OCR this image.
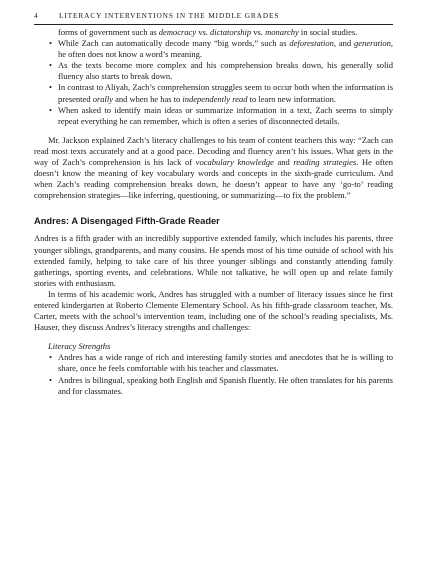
4	LITERACY INTERVENTIONS IN THE MIDDLE GRADES

forms of government such as democracy vs. dictatorship vs. monarchy in social studies.

• While Zach can automatically decode many “big words,” such as deforestation, and generation, he often does not know a word’s meaning.
• As the texts become more complex and his comprehension breaks down, his generally solid fluency also starts to break down.
• In contrast to Aliyah, Zach’s comprehension struggles seem to occur both when the information is presented orally and when he has to independently read to learn new information.
• When asked to identify main ideas or summarize information in a text, Zach seems to simply repeat everything he can remember, which is often a series of disconnected details.

Mr. Jackson explained Zach’s literacy challenges to his team of content teachers this way: “Zach can read most texts accurately and at a good pace. Decoding and fluency aren’t his issues. What gets in the way of Zach’s comprehension is his lack of vocabulary knowledge and reading strategies. He often doesn’t know the meaning of key vocabulary words and concepts in the sixth-grade curriculum. And when Zach’s reading comprehension breaks down, he doesn’t appear to have any ‘go-to’ reading comprehension strategies—like inferring, questioning, or summarizing—to fix the problem.”

Andres: A Disengaged Fifth-Grade Reader

Andres is a fifth grader with an incredibly supportive extended family, which includes his parents, three younger siblings, grandparents, and many cousins. He spends most of his time outside of school with his extended family, helping to take care of his three younger siblings and constantly attending family gatherings, sporting events, and celebrations. While not talkative, he will open up and relate family stories with enthusiasm.

In terms of his academic work, Andres has struggled with a number of literacy issues since he first entered kindergarten at Roberto Clemente Elementary School. As his fifth-grade classroom teacher, Ms. Carter, meets with the school’s intervention team, including one of the school’s reading specialists, Ms. Hauser, they discuss Andres’s literacy strengths and challenges:

Literacy Strengths

• Andres has a wide range of rich and interesting family stories and anecdotes that he is willing to share, once he feels comfortable with his teacher and classmates.
• Andres is bilingual, speaking both English and Spanish fluently. He often translates for his parents and for classmates.
